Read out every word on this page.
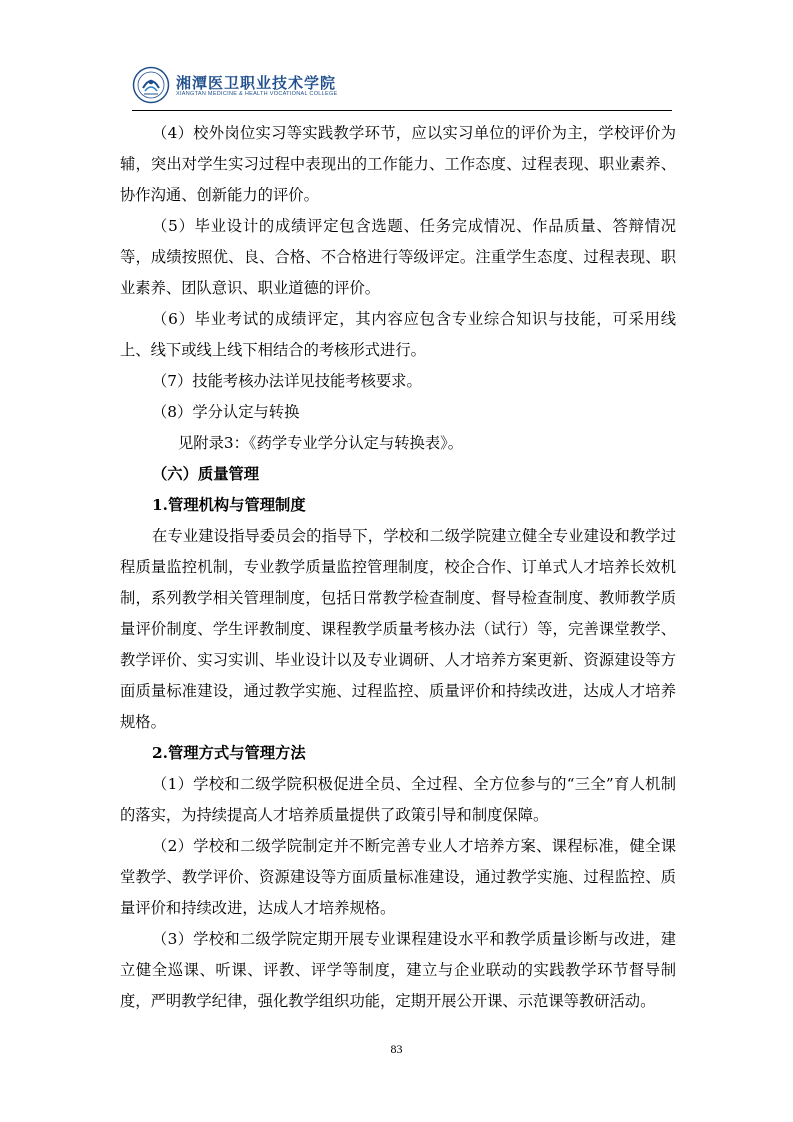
湘潭医卫职业技术学院
XIANGTAN MEDICINE & HEALTH VOCATIONAL COLLEGE

（4）校外岗位实习等实践教学环节，应以实习单位的评价为主，学校评价为辅，突出对学生实习过程中表现出的工作能力、工作态度、过程表现、职业素养、协作沟通、创新能力的评价。

（5）毕业设计的成绩评定包含选题、任务完成情况、作品质量、答辩情况等，成绩按照优、良、合格、不合格进行等级评定。注重学生态度、过程表现、职业素养、团队意识、职业道德的评价。

（6）毕业考试的成绩评定，其内容应包含专业综合知识与技能，可采用线上、线下或线上线下相结合的考核形式进行。

（7）技能考核办法详见技能考核要求。

（8）学分认定与转换

见附录3：《药学专业学分认定与转换表》。

（六）质量管理

1.管理机构与管理制度

在专业建设指导委员会的指导下，学校和二级学院建立健全专业建设和教学过程质量监控机制，专业教学质量监控管理制度，校企合作、订单式人才培养长效机制，系列教学相关管理制度，包括日常教学检查制度、督导检查制度、教师教学质量评价制度、学生评教制度、课程教学质量考核办法（试行）等，完善课堂教学、教学评价、实习实训、毕业设计以及专业调研、人才培养方案更新、资源建设等方面质量标准建设，通过教学实施、过程监控、质量评价和持续改进，达成人才培养规格。

2.管理方式与管理方法

（1）学校和二级学院积极促进全员、全过程、全方位参与的“三全”育人机制的落实，为持续提高人才培养质量提供了政策引导和制度保障。

（2）学校和二级学院制定并不断完善专业人才培养方案、课程标准，健全课堂教学、教学评价、资源建设等方面质量标准建设，通过教学实施、过程监控、质量评价和持续改进，达成人才培养规格。

（3）学校和二级学院定期开展专业课程建设水平和教学质量诊断与改进，建立健全巡课、听课、评教、评学等制度，建立与企业联动的实践教学环节督导制度，严明教学纪律，强化教学组织功能，定期开展公开课、示范课等教研活动。

83
